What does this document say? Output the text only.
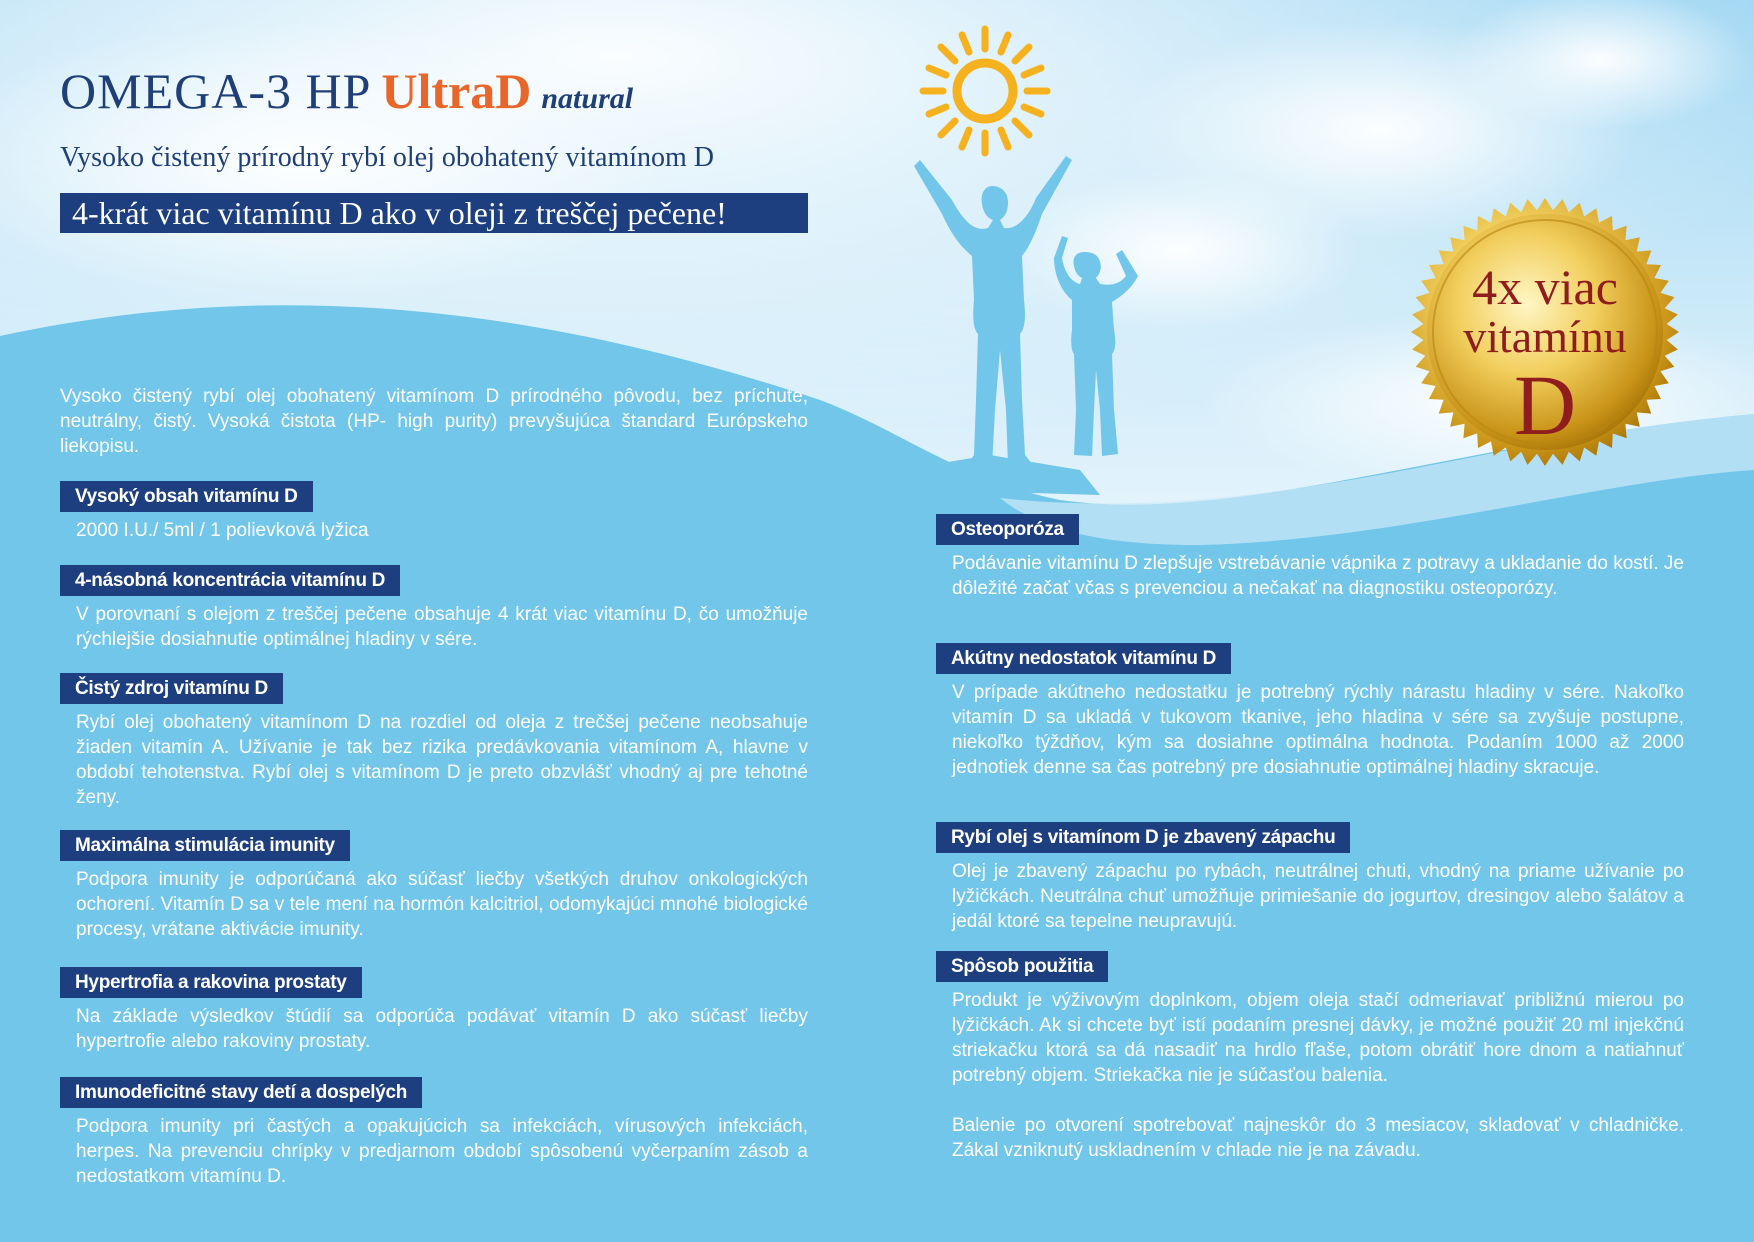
OMEGA-3 HP UltraD natural
Vysoko čistený prírodný rybí olej obohatený vitamínom D
4-krát viac vitamínu D ako v oleji z treščej pečene!
4x viac
vitamínu
D

Vysoko čistený rybí olej obohatený vitamínom D prírodného pôvodu, bez príchute, neutrálny, čistý. Vysoká čistota (HP- high purity) prevyšujúca štandard Európskeho liekopisu.

Vysoký obsah vitamínu D

2000 I.U./ 5ml / 1 polievková lyžica

4-násobná koncentrácia vitamínu D

V porovnaní s olejom z treščej pečene obsahuje 4 krát viac vitamínu D, čo umožňuje rýchlejšie dosiahnutie optimálnej hladiny v sére.

Čistý zdroj vitamínu D

Rybí olej obohatený vitamínom D na rozdiel od oleja z trečšej pečene neobsahuje žiaden vitamín A. Užívanie je tak bez rizika predávkovania vitamínom A, hlavne v období tehotenstva. Rybí olej s vitamínom D je preto obzvlášť vhodný aj pre tehotné ženy.

Maximálna stimulácia imunity

Podpora imunity je odporúčaná ako súčasť liečby všetkých druhov onkologických ochorení. Vitamín D sa v tele mení na hormón kalcitriol, odomykajúci mnohé biologické procesy, vrátane aktivácie imunity.

Hypertrofia a rakovina prostaty

Na základe výsledkov štúdií sa odporúča podávať vitamín D ako súčasť liečby hypertrofie alebo rakoviny prostaty.

Imunodeficitné stavy detí a dospelých

Podpora imunity pri častých a opakujúcich sa infekciách, vírusových infekciách, herpes. Na prevenciu chrípky v predjarnom období spôsobenú vyčerpaním zásob a nedostatkom vitamínu D.

Osteoporóza

Podávanie vitamínu D zlepšuje vstrebávanie vápnika z potravy a ukladanie do kostí. Je dôležité začať včas s prevenciou a nečakať na diagnostiku osteoporózy.

Akútny nedostatok vitamínu D

V prípade akútneho nedostatku je potrebný rýchly nárastu hladiny v sére. Nakoľko vitamín D sa ukladá v tukovom tkanive, jeho hladina v sére sa zvyšuje postupne, niekoľko týždňov, kým sa dosiahne optimálna hodnota. Podaním 1000 až 2000 jednotiek denne sa čas potrebný pre dosiahnutie optimálnej hladiny skracuje.

Rybí olej s vitamínom D je zbavený zápachu

Olej je zbavený zápachu po rybách, neutrálnej chuti, vhodný na priame užívanie po lyžičkách. Neutrálna chuť umožňuje primiešanie do jogurtov, dresingov alebo šalátov a jedál ktoré sa tepelne neupravujú.

Spôsob použitia

Produkt je výživovým doplnkom, objem oleja stačí odmeriavať približnú mierou po lyžičkách. Ak si chcete byť istí podaním presnej dávky, je možné použiť 20 ml injekčnú striekačku ktorá sa dá nasadiť na hrdlo fľaše, potom obrátiť hore dnom a natiahnuť potrebný objem. Striekačka nie je súčasťou balenia.

Balenie po otvorení spotrebovať najneskôr do 3 mesiacov, skladovať v chladničke. Zákal vzniknutý uskladnením v chlade nie je na závadu.
